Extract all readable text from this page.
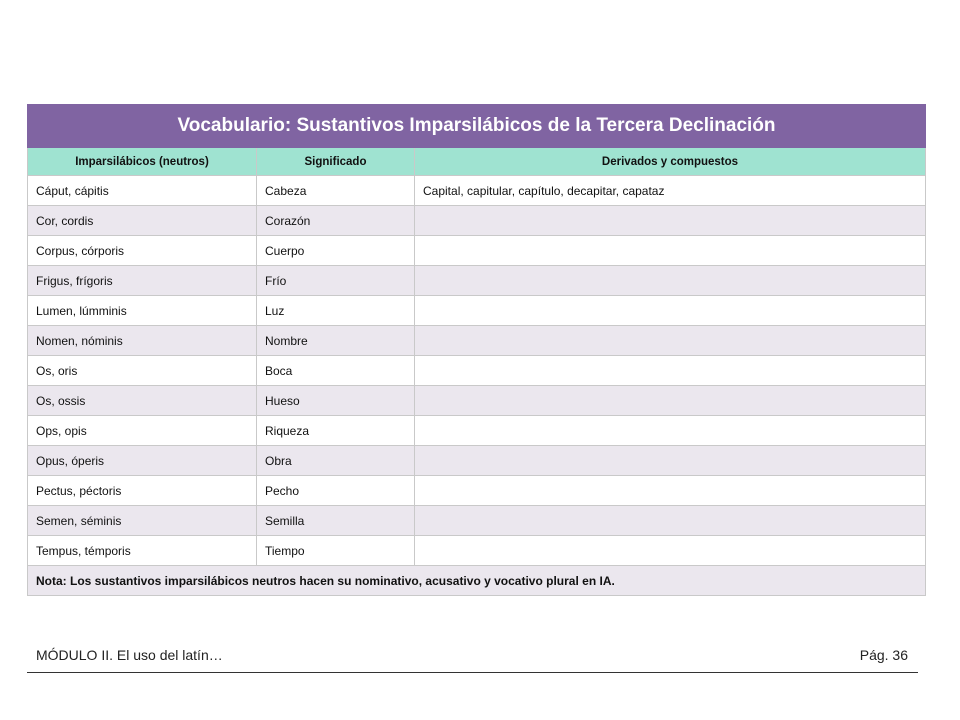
Vocabulario: Sustantivos Imparsilábicos de la Tercera Declinación		
Imparsilábicos (neutros)	Significado	Derivados y compuestos
Cáput, cápitis	Cabeza	Capital, capitular, capítulo, decapitar, capataz
Cor, cordis	Corazón	
Corpus, córporis	Cuerpo	
Frigus, frígoris	Frío	
Lumen, lúmminis	Luz	
Nomen, nóminis	Nombre	
Os, oris	Boca	
Os, ossis	Hueso	
Ops, opis	Riqueza	
Opus, óperis	Obra	
Pectus, péctoris	Pecho	
Semen, séminis	Semilla	
Tempus, témporis	Tiempo	
Nota: Los sustantivos imparsilábicos neutros hacen su nominativo, acusativo y vocativo plural en IA.		
MÓDULO II. El uso del latín…	Pág. 36
